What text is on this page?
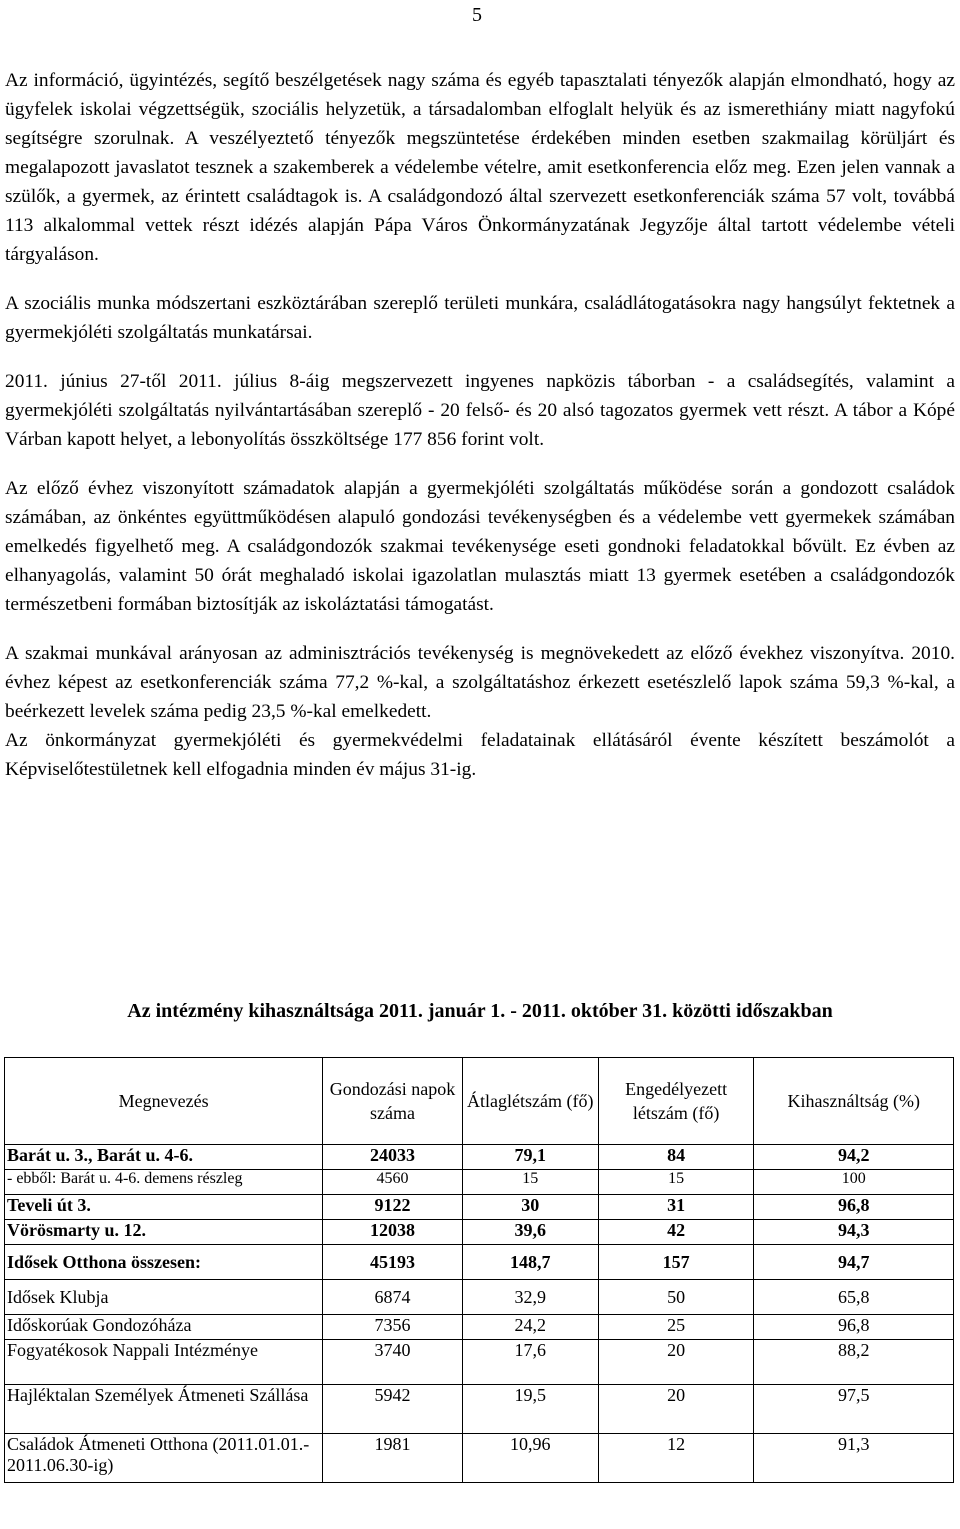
5

Az információ, ügyintézés, segítő beszélgetések nagy száma és egyéb tapasztalati tényezők alapján elmondható, hogy az ügyfelek iskolai végzettségük, szociális helyzetük, a társadalomban elfoglalt helyük és az ismerethiány miatt nagyfokú segítségre szorulnak. A veszélyeztető tényezők megszüntetése érdekében minden esetben szakmailag körüljárt és megalapozott javaslatot tesznek a szakemberek a védelembe vételre, amit esetkonferencia előz meg. Ezen jelen vannak a szülők, a gyermek, az érintett családtagok is. A családgondozó által szervezett esetkonferenciák száma 57 volt, továbbá 113 alkalommal vettek részt idézés alapján Pápa Város Önkormányzatának Jegyzője által tartott védelembe vételi tárgyaláson.

A szociális munka módszertani eszköztárában szereplő területi munkára, családlátogatásokra nagy hangsúlyt fektetnek a gyermekjóléti szolgáltatás munkatársai.

2011. június 27-től 2011. július 8-áig megszervezett ingyenes napközis táborban - a családsegítés, valamint a gyermekjóléti szolgáltatás nyilvántartásában szereplő - 20 felső- és 20 alsó tagozatos gyermek vett részt. A tábor a Kópé Várban kapott helyet, a lebonyolítás összköltsége 177 856 forint volt.

Az előző évhez viszonyított számadatok alapján a gyermekjóléti szolgáltatás működése során a gondozott családok számában, az önkéntes együttműködésen alapuló gondozási tevékenységben és a védelembe vett gyermekek számában emelkedés figyelhető meg. A családgondozók szakmai tevékenysége eseti gondnoki feladatokkal bővült. Ez évben az elhanyagolás, valamint 50 órát meghaladó iskolai igazolatlan mulasztás miatt 13 gyermek esetében a családgondozók természetbeni formában biztosítják az iskoláztatási támogatást.

A szakmai munkával arányosan az adminisztrációs tevékenység is megnövekedett az előző évekhez viszonyítva. 2010. évhez képest az esetkonferenciák száma 77,2 %-kal, a szolgáltatáshoz érkezett esetészlelő lapok száma 59,3 %-kal, a beérkezett levelek száma pedig 23,5 %-kal emelkedett.

Az önkormányzat gyermekjóléti és gyermekvédelmi feladatainak ellátásáról évente készített beszámolót a Képviselőtestületnek kell elfogadnia minden év május 31-ig.

Az intézmény kihasználtsága 2011. január 1. - 2011. október 31. közötti időszakban
Megnevezés	Gondozási napok száma	Átlaglétszám (fő)	Engedélyezett létszám (fő)	Kihasználtság (%)
Barát u. 3., Barát u. 4-6.	24033	79,1	84	94,2
- ebből: Barát u. 4-6. demens részleg	4560	15	15	100
Teveli út 3.	9122	30	31	96,8
Vörösmarty u. 12.	12038	39,6	42	94,3
Idősek Otthona összesen:	45193	148,7	157	94,7
Idősek Klubja	6874	32,9	50	65,8
Időskorúak Gondozóháza	7356	24,2	25	96,8
Fogyatékosok Nappali Intézménye	3740	17,6	20	88,2
Hajléktalan Személyek Átmeneti Szállása	5942	19,5	20	97,5
Családok Átmeneti Otthona (2011.01.01.- 2011.06.30-ig)	1981	10,96	12	91,3
